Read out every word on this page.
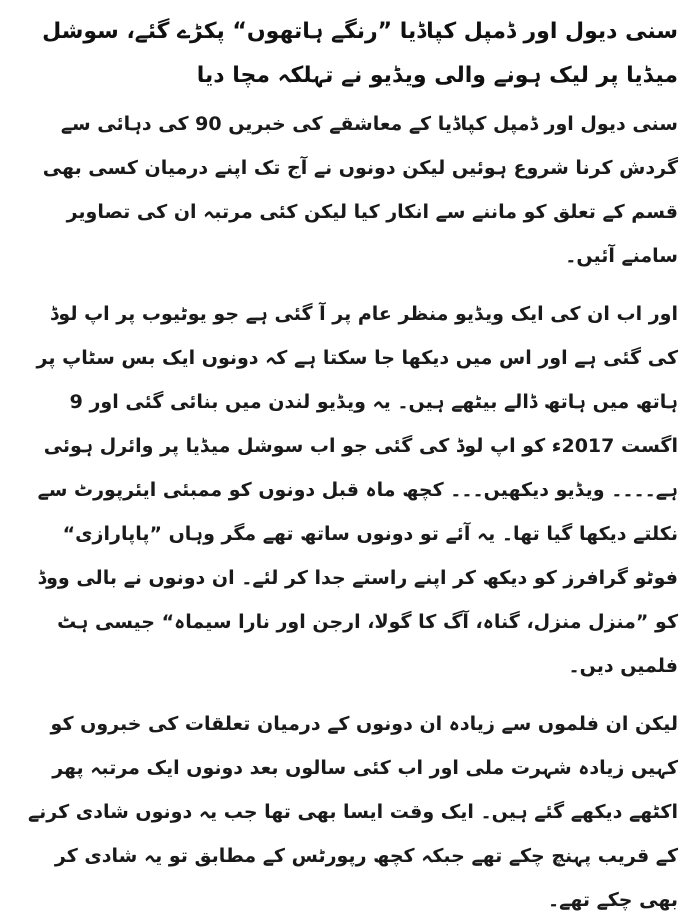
سنی دیول اور ڈمپل کپاڈیا ”رنگے ہاتھوں“ پکڑے گئے، سوشل میڈیا پر لیک ہونے والی ویڈیو نے تہلکہ مچا دیا

سنی دیول اور ڈمپل کپاڈیا کے معاشقے کی خبریں 90 کی دہائی سے گردش کرنا شروع ہوئیں لیکن دونوں نے آج تک اپنے درمیان کسی بھی قسم کے تعلق کو ماننے سے انکار کیا لیکن کئی مرتبہ ان کی تصاویر سامنے آئیں۔

اور اب ان کی ایک ویڈیو منظر عام پر آ گئی ہے جو یوٹیوب پر اپ لوڈ کی گئی ہے اور اس میں دیکھا جا سکتا ہے کہ دونوں ایک بس سٹاپ پر ہاتھ میں ہاتھ ڈالے بیٹھے ہیں۔ یہ ویڈیو لندن میں بنائی گئی اور 9 اگست 2017ء کو اپ لوڈ کی گئی جو اب سوشل میڈیا پر وائرل ہوئی ہے۔۔۔۔ ویڈیو دیکھیں۔۔۔ کچھ ماہ قبل دونوں کو ممبئی ایئرپورٹ سے نکلتے دیکھا گیا تھا۔ یہ آئے تو دونوں ساتھ تھے مگر وہاں ”پاپارازی“ فوٹو گرافرز کو دیکھ کر اپنے راستے جدا کر لئے۔ ان دونوں نے بالی ووڈ کو ”منزل منزل، گناہ، آگ کا گولا، ارجن اور نارا سیماہ“ جیسی ہٹ فلمیں دیں۔

لیکن ان فلموں سے زیادہ ان دونوں کے درمیان تعلقات کی خبروں کو کہیں زیادہ شہرت ملی اور اب کئی سالوں بعد دونوں ایک مرتبہ پھر اکٹھے دیکھے گئے ہیں۔ ایک وقت ایسا بھی تھا جب یہ دونوں شادی کرنے کے قریب پہنچ چکے تھے جبکہ کچھ رپورٹس کے مطابق تو یہ شادی کر بھی چکے تھے۔
